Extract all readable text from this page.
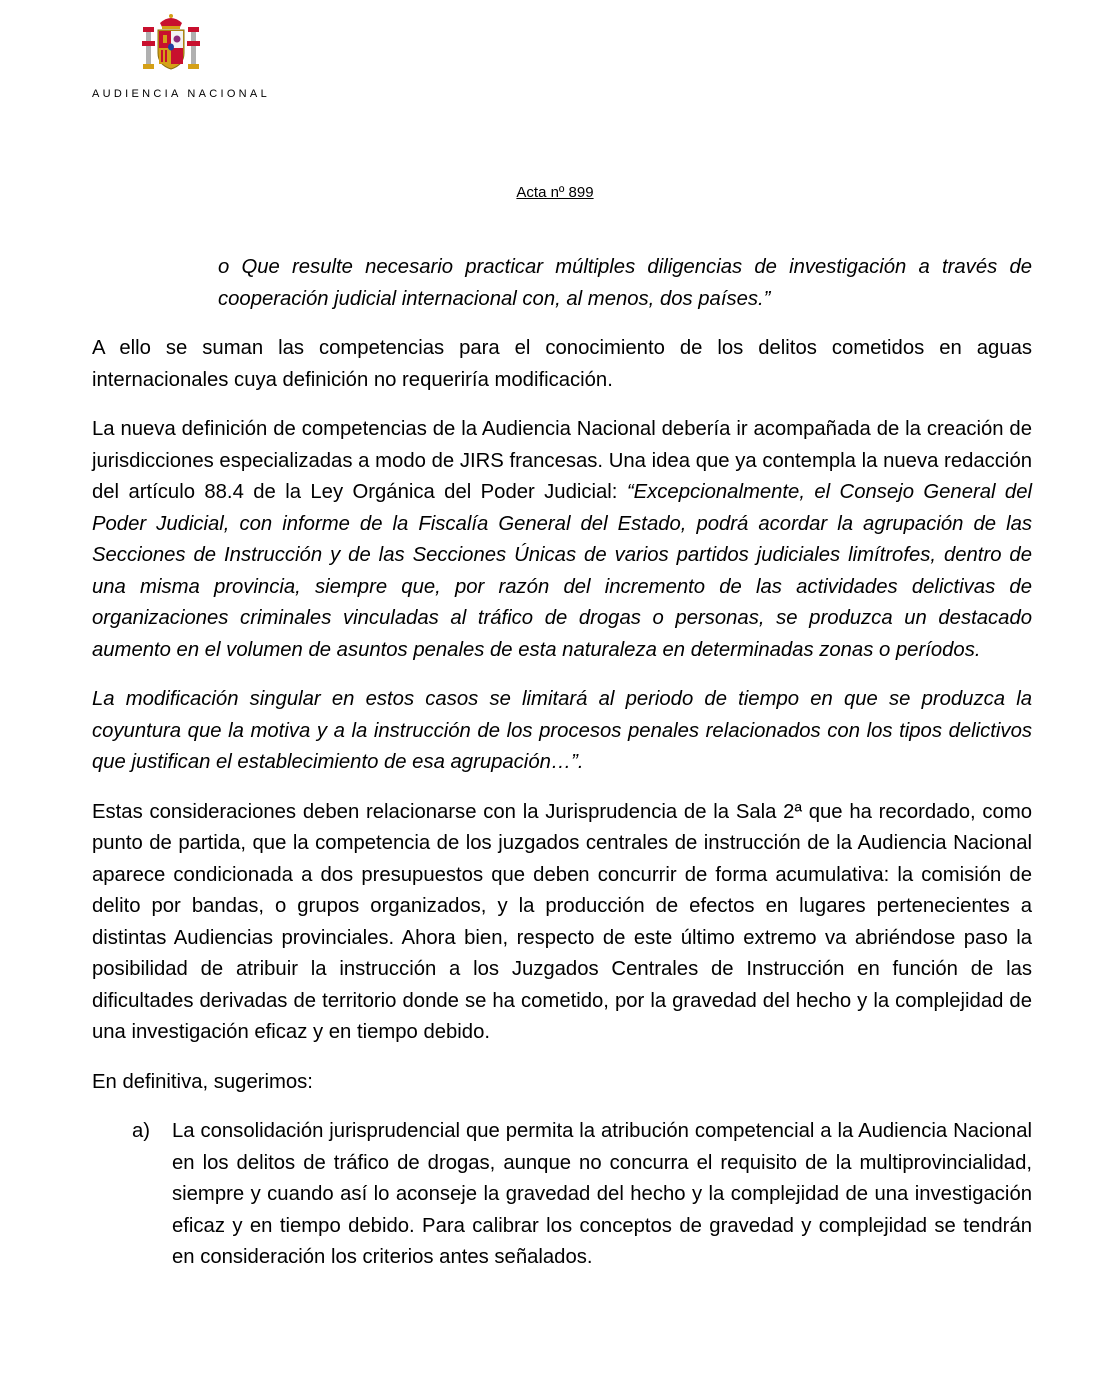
AUDIENCIA NACIONAL
Acta nº 899

o Que resulte necesario practicar múltiples diligencias de investigación a través de cooperación judicial internacional con, al menos, dos países.”

A ello se suman las competencias para el conocimiento de los delitos cometidos en aguas internacionales cuya definición no requeriría modificación.

La nueva definición de competencias de la Audiencia Nacional debería ir acompañada de la creación de jurisdicciones especializadas a modo de JIRS francesas. Una idea que ya contempla la nueva redacción del artículo 88.4 de la Ley Orgánica del Poder Judicial: “Excepcionalmente, el Consejo General del Poder Judicial, con informe de la Fiscalía General del Estado, podrá acordar la agrupación de las Secciones de Instrucción y de las Secciones Únicas de varios partidos judiciales limítrofes, dentro de una misma provincia, siempre que, por razón del incremento de las actividades delictivas de organizaciones criminales vinculadas al tráfico de drogas o personas, se produzca un destacado aumento en el volumen de asuntos penales de esta naturaleza en determinadas zonas o períodos.

La modificación singular en estos casos se limitará al periodo de tiempo en que se produzca la coyuntura que la motiva y a la instrucción de los procesos penales relacionados con los tipos delictivos que justifican el establecimiento de esa agrupación…”.

Estas consideraciones deben relacionarse con la Jurisprudencia de la Sala 2ª que ha recordado, como punto de partida, que la competencia de los juzgados centrales de instrucción de la Audiencia Nacional aparece condicionada a dos presupuestos que deben concurrir de forma acumulativa: la comisión de delito por bandas, o grupos organizados, y la producción de efectos en lugares pertenecientes a distintas Audiencias provinciales. Ahora bien, respecto de este último extremo va abriéndose paso la posibilidad de atribuir la instrucción a los Juzgados Centrales de Instrucción en función de las dificultades derivadas de territorio donde se ha cometido, por la gravedad del hecho y la complejidad de una investigación eficaz y en tiempo debido.

En definitiva, sugerimos:

a)	La consolidación jurisprudencial que permita la atribución competencial a la Audiencia Nacional en los delitos de tráfico de drogas, aunque no concurra el requisito de la multiprovincialidad, siempre y cuando así lo aconseje la gravedad del hecho y la complejidad de una investigación eficaz y en tiempo debido. Para calibrar los conceptos de gravedad y complejidad se tendrán en consideración los criterios antes señalados.
